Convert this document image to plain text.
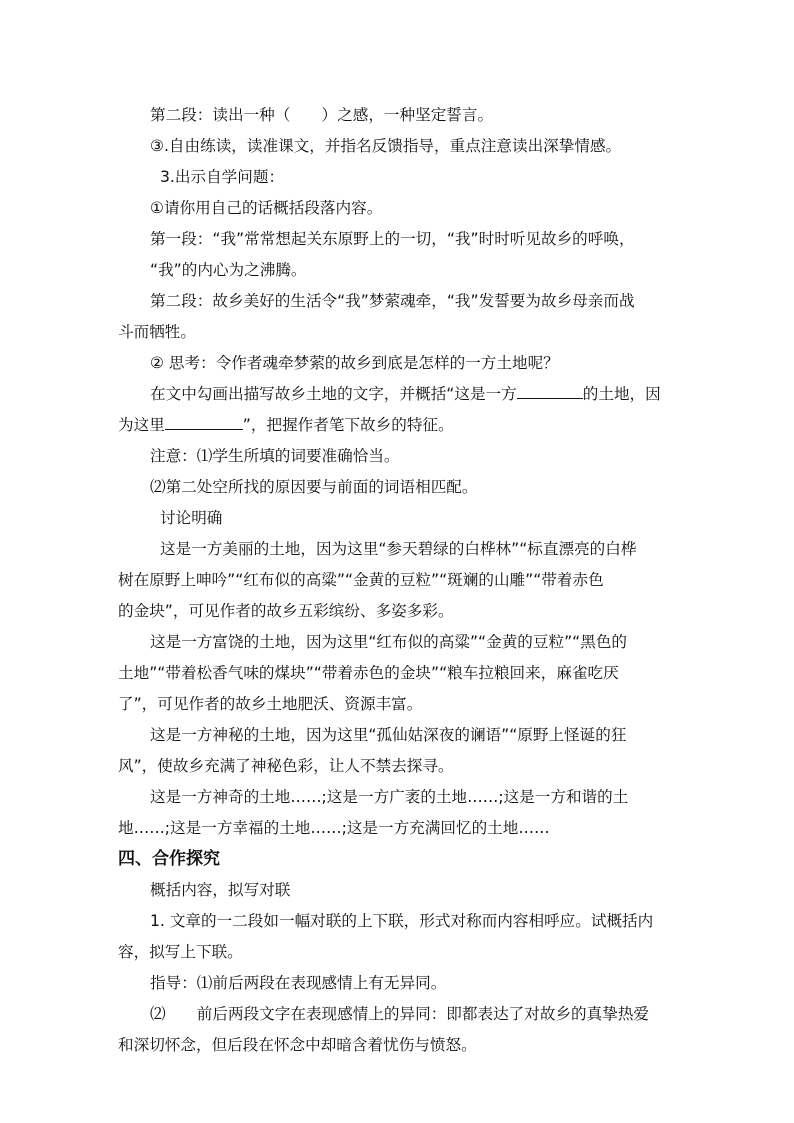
第二段：读出一种（　　）之感，一种坚定誓言。
③.自由练读，读准课文，并指名反馈指导，重点注意读出深挚情感。
3.出示自学问题：
①请你用自己的话概括段落内容。
第一段：“我”常常想起关东原野上的一切，“我”时时听见故乡的呼唤，
“我”的内心为之沸腾。
第二段：故乡美好的生活令“我”梦萦魂牵，“我”发誓要为故乡母亲而战
斗而牺牲。
② 思考：令作者魂牵梦萦的故乡到底是怎样的一方土地呢？
在文中勾画出描写故乡土地的文字，并概括“这是一方	的土地，因
为这里	”，把握作者笔下故乡的特征。
注意：⑴学生所填的词要准确恰当。
⑵第二处空所找的原因要与前面的词语相匹配。
讨论明确
这是一方美丽的土地，因为这里“参天碧绿的白桦林”“标直漂亮的白桦
树在原野上呻吟”“红布似的高粱”“金黄的豆粒”“斑斓的山雕”“带着赤色
的金块”，可见作者的故乡五彩缤纷、多姿多彩。
这是一方富饶的土地，因为这里“红布似的高粱”“金黄的豆粒”“黑色的
土地”“带着松香气味的煤块”“带着赤色的金块”“粮车拉粮回来，麻雀吃厌
了”，可见作者的故乡土地肥沃、资源丰富。
这是一方神秘的土地，因为这里“孤仙姑深夜的谰语”“原野上怪诞的狂
风”，使故乡充满了神秘色彩，让人不禁去探寻。
这是一方神奇的土地……;这是一方广袤的土地……;这是一方和谐的土
地……;这是一方幸福的土地……;这是一方充满回忆的土地……
四、合作探究
概括内容，拟写对联
1. 文章的一二段如一幅对联的上下联，形式对称而内容相呼应。试概括内
容，拟写上下联。
指导：⑴前后两段在表现感情上有无异同。
⑵　　前后两段文字在表现感情上的异同：即都表达了对故乡的真挚热爱
和深切怀念，但后段在怀念中却暗含着忧伤与愤怒。
